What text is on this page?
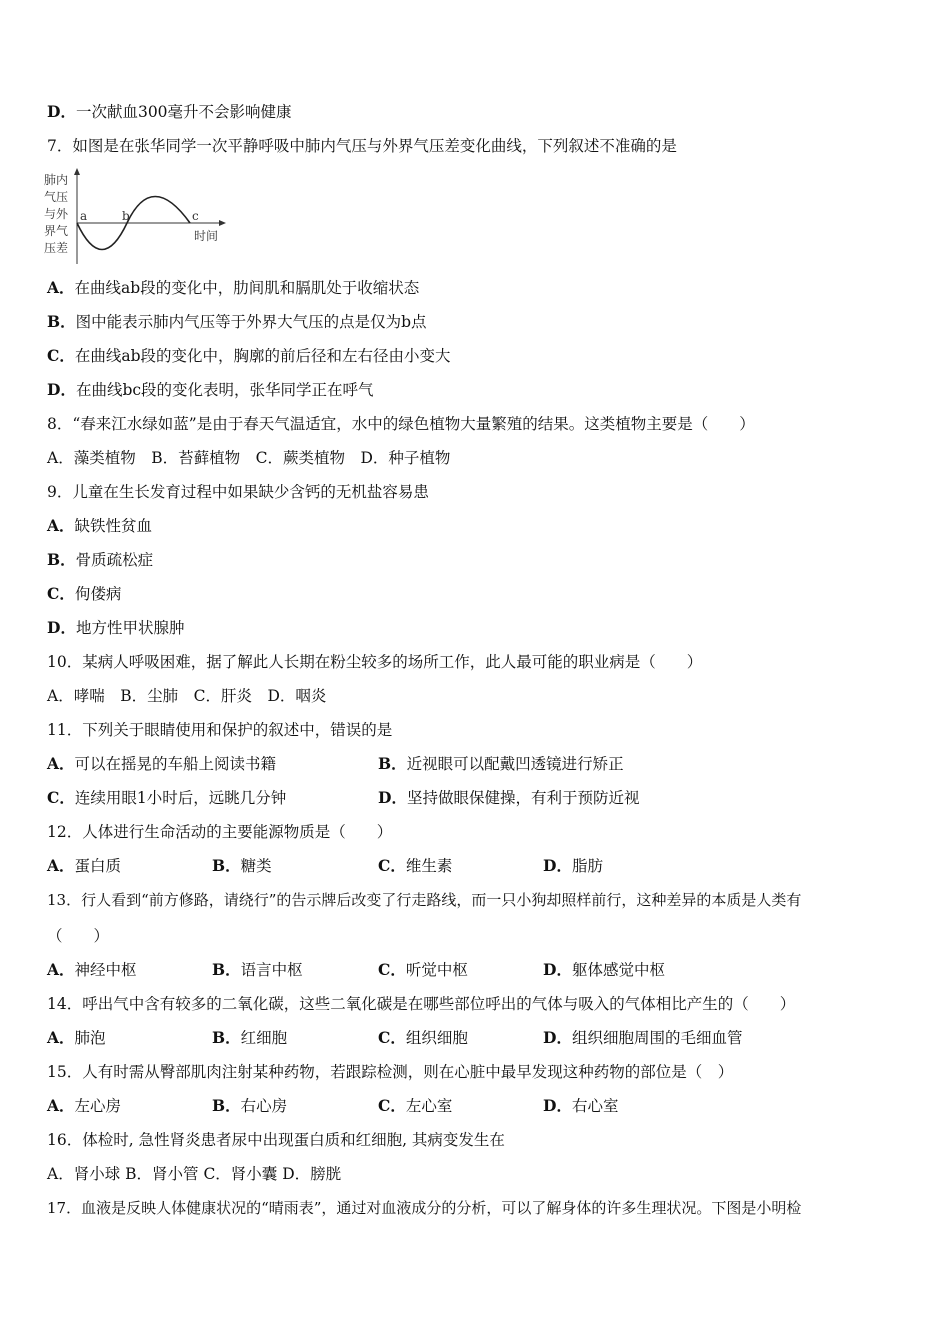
D．一次献血300毫升不会影响健康
7．如图是在张华同学一次平静呼吸中肺内气压与外界气压差变化曲线，下列叙述不准确的是
肺内
气压
与外
界气
压差
a	b	c
时间
A．在曲线ab段的变化中，肋间肌和膈肌处于收缩状态
B．图中能表示肺内气压等于外界大气压的点是仅为b点
C．在曲线ab段的变化中，胸廓的前后径和左右径由小变大
D．在曲线bc段的变化表明，张华同学正在呼气
8．“春来江水绿如蓝”是由于春天气温适宜，水中的绿色植物大量繁殖的结果。这类植物主要是（　　）
A．藻类植物　B．苔藓植物　C．蕨类植物　D．种子植物
9．儿童在生长发育过程中如果缺少含钙的无机盐容易患
A．缺铁性贫血
B．骨质疏松症
C．佝偻病
D．地方性甲状腺肿
10．某病人呼吸困难，据了解此人长期在粉尘较多的场所工作，此人最可能的职业病是（　　）
A．哮喘　B．尘肺　C．肝炎　D．咽炎
11．下列关于眼睛使用和保护的叙述中，错误的是
A．可以在摇晃的车船上阅读书籍	B．近视眼可以配戴凹透镜进行矫正
C．连续用眼1小时后，远眺几分钟	D．坚持做眼保健操，有利于预防近视
12．人体进行生命活动的主要能源物质是（　　）
A．蛋白质	B．糖类	C．维生素	D．脂肪
13．行人看到“前方修路，请绕行”的告示牌后改变了行走路线，而一只小狗却照样前行，这种差异的本质是人类有
（　　）
A．神经中枢	B．语言中枢	C．听觉中枢	D．躯体感觉中枢
14．呼出气中含有较多的二氧化碳，这些二氧化碳是在哪些部位呼出的气体与吸入的气体相比产生的（　　）
A．肺泡	B．红细胞	C．组织细胞	D．组织细胞周围的毛细血管
15．人有时需从臀部肌肉注射某种药物，若跟踪检测，则在心脏中最早发现这种药物的部位是（　）
A．左心房	B．右心房	C．左心室	D．右心室
16．体检时, 急性肾炎患者尿中出现蛋白质和红细胞, 其病变发生在
A．肾小球 B．肾小管 C．肾小囊 D．膀胱
17．血液是反映人体健康状况的“晴雨表”，通过对血液成分的分析，可以了解身体的许多生理状况。下图是小明检
